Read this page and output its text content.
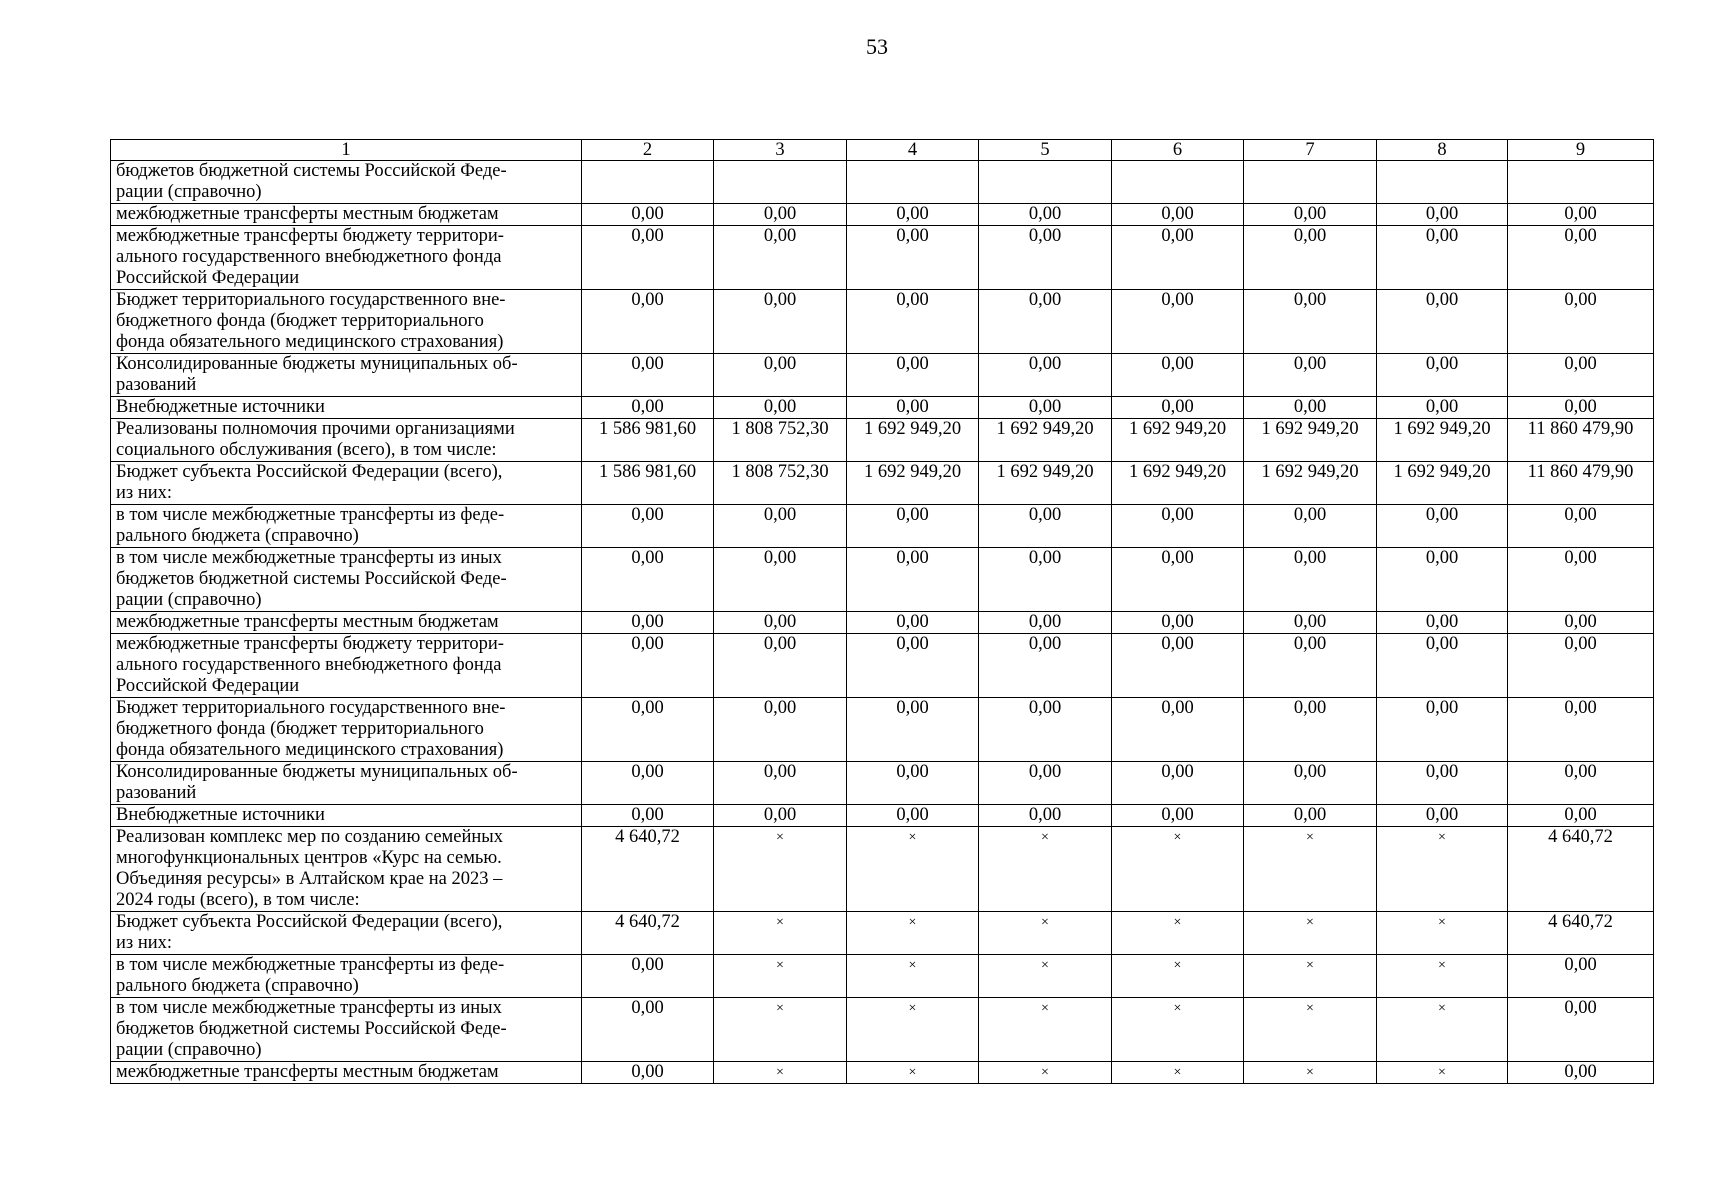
53
1	2	3	4	5	6	7	8	9
бюджетов бюджетной системы Российской Феде-
рации (справочно)								
межбюджетные трансферты местным бюджетам	0,00	0,00	0,00	0,00	0,00	0,00	0,00	0,00
межбюджетные трансферты бюджету территори-
ального государственного внебюджетного фонда
Российской Федерации	0,00	0,00	0,00	0,00	0,00	0,00	0,00	0,00
Бюджет территориального государственного вне-
бюджетного фонда (бюджет территориального
фонда обязательного медицинского страхования)	0,00	0,00	0,00	0,00	0,00	0,00	0,00	0,00
Консолидированные бюджеты муниципальных об-
разований	0,00	0,00	0,00	0,00	0,00	0,00	0,00	0,00
Внебюджетные источники	0,00	0,00	0,00	0,00	0,00	0,00	0,00	0,00
Реализованы полномочия прочими организациями
социального обслуживания (всего), в том числе:	1 586 981,60	1 808 752,30	1 692 949,20	1 692 949,20	1 692 949,20	1 692 949,20	1 692 949,20	11 860 479,90
Бюджет субъекта Российской Федерации (всего),
из них:	1 586 981,60	1 808 752,30	1 692 949,20	1 692 949,20	1 692 949,20	1 692 949,20	1 692 949,20	11 860 479,90
в том числе межбюджетные трансферты из феде-
рального бюджета (справочно)	0,00	0,00	0,00	0,00	0,00	0,00	0,00	0,00
в том числе межбюджетные трансферты из иных
бюджетов бюджетной системы Российской Феде-
рации (справочно)	0,00	0,00	0,00	0,00	0,00	0,00	0,00	0,00
межбюджетные трансферты местным бюджетам	0,00	0,00	0,00	0,00	0,00	0,00	0,00	0,00
межбюджетные трансферты бюджету территори-
ального государственного внебюджетного фонда
Российской Федерации	0,00	0,00	0,00	0,00	0,00	0,00	0,00	0,00
Бюджет территориального государственного вне-
бюджетного фонда (бюджет территориального
фонда обязательного медицинского страхования)	0,00	0,00	0,00	0,00	0,00	0,00	0,00	0,00
Консолидированные бюджеты муниципальных об-
разований	0,00	0,00	0,00	0,00	0,00	0,00	0,00	0,00
Внебюджетные источники	0,00	0,00	0,00	0,00	0,00	0,00	0,00	0,00
Реализован комплекс мер по созданию семейных
многофункциональных центров «Курс на семью.
Объединяя ресурсы» в Алтайском крае на 2023 –
2024 годы (всего), в том числе:	4 640,72	×	×	×	×	×	×	4 640,72
Бюджет субъекта Российской Федерации (всего),
из них:	4 640,72	×	×	×	×	×	×	4 640,72
в том числе межбюджетные трансферты из феде-
рального бюджета (справочно)	0,00	×	×	×	×	×	×	0,00
в том числе межбюджетные трансферты из иных
бюджетов бюджетной системы Российской Феде-
рации (справочно)	0,00	×	×	×	×	×	×	0,00
межбюджетные трансферты местным бюджетам	0,00	×	×	×	×	×	×	0,00
